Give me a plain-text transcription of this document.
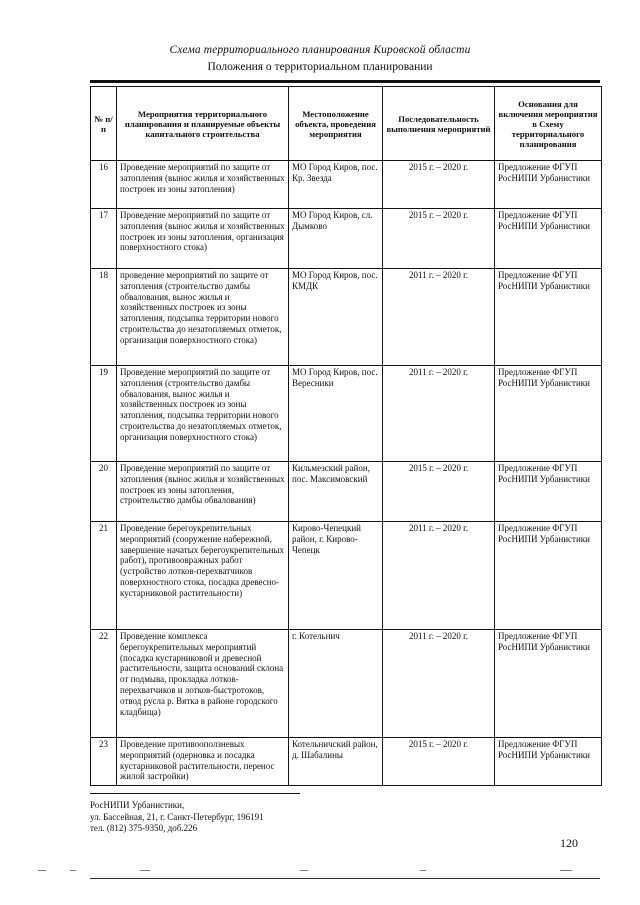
Схема территориального планирования Кировской области
Положения о территориальном планировании
№ п/п	Мероприятия территориального планирования и планируемые объекты капитального строительства	Местоположение объекта, проведения мероприятия	Последовательность выполнения мероприятий	Основания для включения мероприятия в Схему территориального планирования
16	Проведение мероприятий по защите от затопления (вынос жилья и хозяйственных построек из зоны затопления)	МО Город Киров, пос. Кр. Звезда	2015 г. – 2020 г.	Предложение ФГУП РосНИПИ Урбанистики
17	Проведение мероприятий по защите от затопления (вынос жилья и хозяйственных построек из зоны затопления, организация поверхностного стока)	МО Город Киров, сл. Дымково	2015 г. – 2020 г.	Предложение ФГУП РосНИПИ Урбанистики
18	проведение мероприятий по защите от затопления (строительство дамбы обвалования, вынос жилья и хозяйственных построек из зоны затопления, подсыпка территории нового строительства до незатопляемых отметок, организация поверхностного стока)	МО Город Киров, пос. КМДК	2011 г. – 2020 г.	Предложение ФГУП РосНИПИ Урбанистики
19	Проведение мероприятий по защите от затопления (строительство дамбы обвалования, вынос жилья и хозяйственных построек из зоны затопления, подсыпка территории нового строительства до незатопляемых отметок, организация поверхностного стока)	МО Город Киров, пос. Вересники	2011 г. – 2020 г.	Предложение ФГУП РосНИПИ Урбанистики
20	Проведение мероприятий по защите от затопления (вынос жилья и хозяйственных построек из зоны затопления, строительство дамбы обвалования)	Кильмезский район, пос. Максимовский	2015 г. – 2020 г.	Предложение ФГУП РосНИПИ Урбанистики
21	Проведение берегоукрепительных мероприятий (сооружение набережной, завершение начатых берегоукрепительных работ), противоовражных работ (устройство лотков-перехватчиков поверхностного стока, посадка древесно-кустарниковой растительности)	Кирово-Чепецкий район, г. Кирово-Чепецк	2011 г. – 2020 г.	Предложение ФГУП РосНИПИ Урбанистики
22	Проведение комплекса берегоукрепительных мероприятий (посадка кустарниковой и древесной растительности, защита оснований склона от подмыва, прокладка лотков-перехватчиков и лотков-быстротоков, отвод русла р. Вятка в районе городского кладбища)	г. Котельнич	2011 г. – 2020 г.	Предложение ФГУП РосНИПИ Урбанистики
23	Проведение противооползневых мероприятий (одерновка и посадка кустарниковой растительности, перенос жилой застройки)	Котельничский район, д. Шабалины	2015 г. – 2020 г.	Предложение ФГУП РосНИПИ Урбанистики
РосНИПИ Урбанистики,
ул. Бассейная, 21, г. Санкт-Петербург, 196191
тел. (812) 375-9350, доб.226
120
